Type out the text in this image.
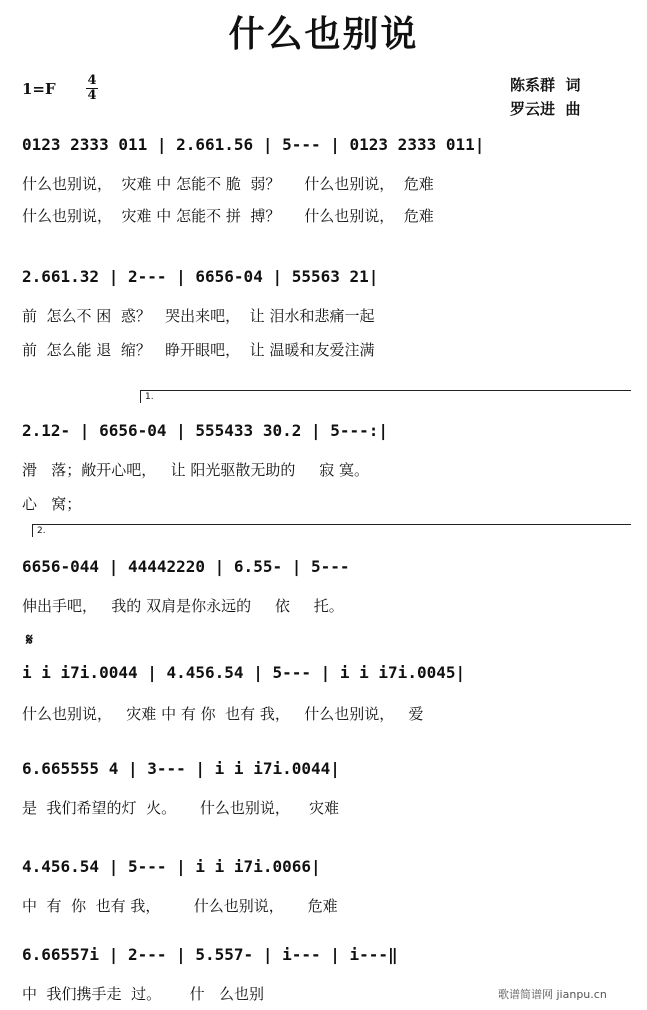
什么也别说
1=F 4
4
陈系群  词
罗云进  曲
0123 2333 011 | 2.661.56 | 5--- | 0123 2333 011|
什么也别说，  灾难 中 怎能不 脆  弱？     什么也别说，  危难
什么也别说，  灾难 中 怎能不 拼  搏？     什么也别说，  危难
2.661.32 | 2--- | 6656-04 | 55563 21|
前  怎么不 困  惑？   哭出来吧，  让 泪水和悲痛一起
前  怎么能 退  缩？   睁开眼吧，  让 温暖和友爱注满
1.
2.12- | 6656-04 | 555433 30.2 | 5---:|
滑   落；敞开心吧，   让 阳光驱散无助的     寂 寞。
心   窝；
2.
6656-044 | 44442220 | 6.55- | 5---
伸出手吧，   我的 双肩是你永远的     依     托。
𝄋
i i i7i.0044 | 4.456.54 | 5--- | i i i7i.0045|
什么也别说，   灾难 中 有 你  也有 我，   什么也别说，   爱
6.665555 4 | 3--- | i i i7i.0044|
是  我们希望的灯  火。     什么也别说，    灾难
4.456.54 | 5--- | i i i7i.0066|
中  有  你  也有 我，       什么也别说，     危难
6.66557i | 2--- | 5.557- | i--- | i---‖
中  我们携手走  过。      什   么也别	歌谱简谱网 jianpu.cn
